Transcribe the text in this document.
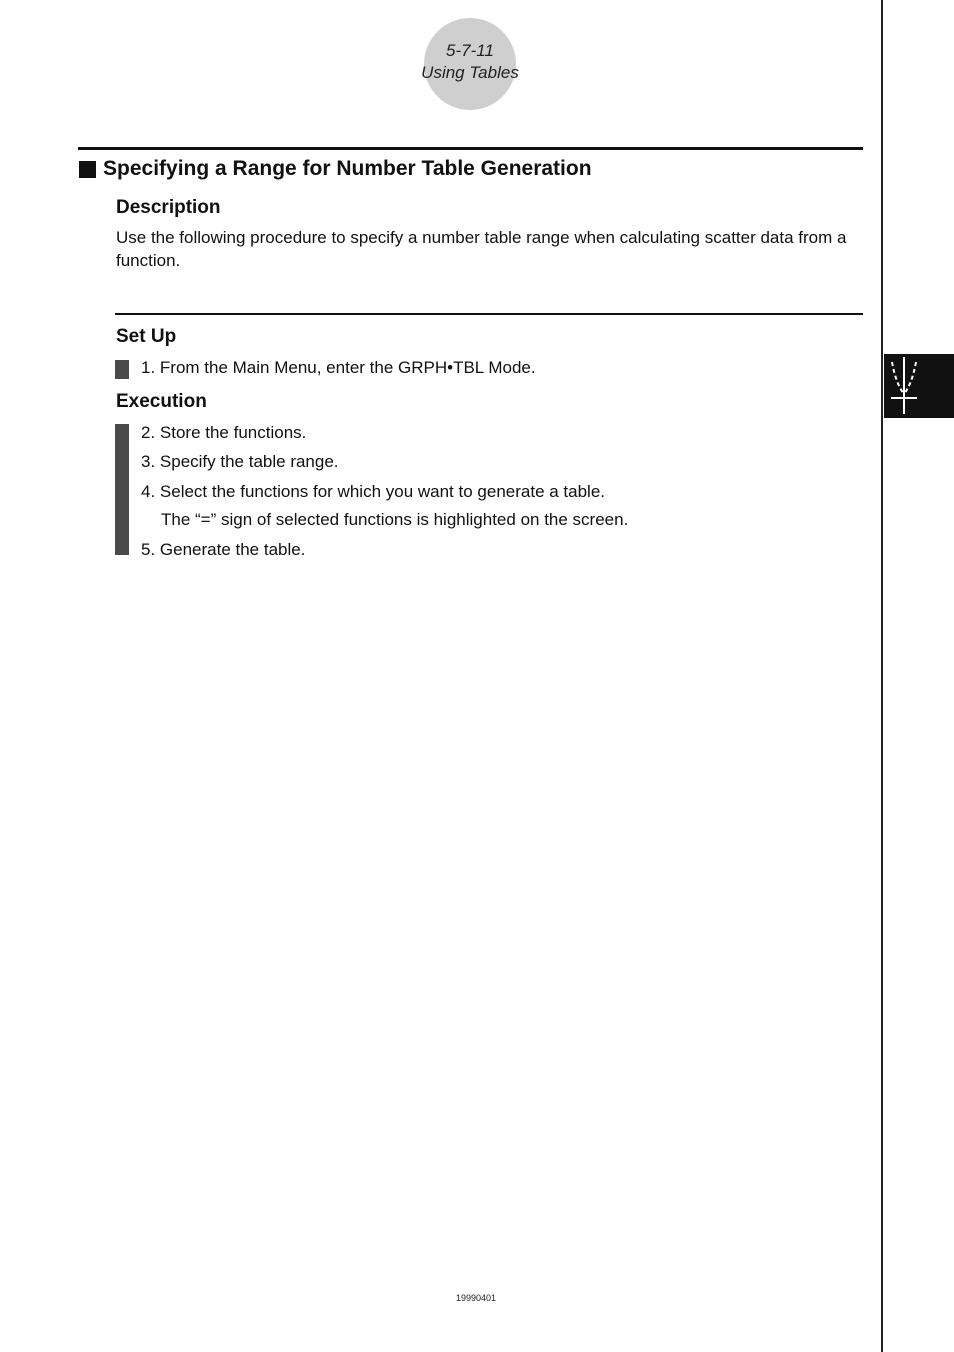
5-7-11
Using Tables
Specifying a Range for Number Table Generation
Description
Use the following procedure to specify a number table range when calculating scatter data from a function.
Set Up
1. From the Main Menu, enter the GRPH•TBL Mode.
Execution
2. Store the functions.
3. Specify the table range.
4. Select the functions for which you want to generate a table.
The “=” sign of selected functions is highlighted on the screen.
5. Generate the table.
19990401
